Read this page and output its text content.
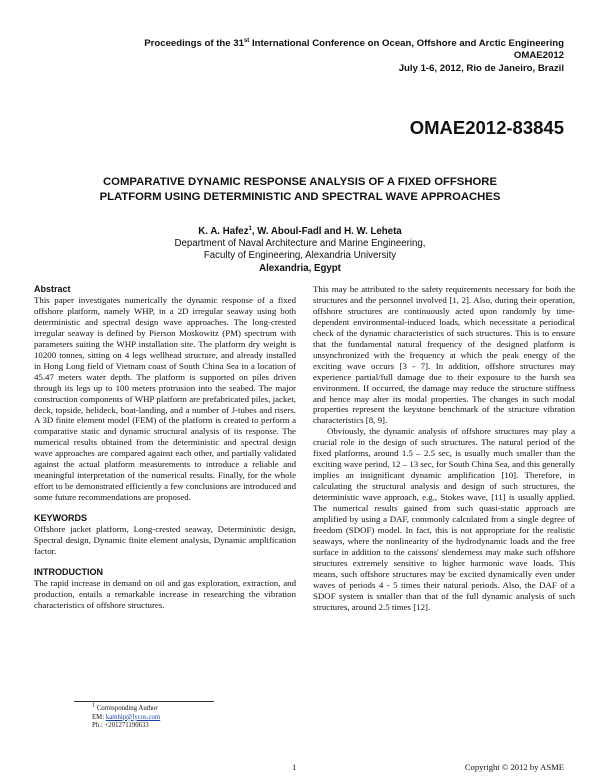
Proceedings of the 31st International Conference on Ocean, Offshore and Arctic Engineering
OMAE2012
July 1-6, 2012, Rio de Janeiro, Brazil
OMAE2012-83845
COMPARATIVE DYNAMIC RESPONSE ANALYSIS OF A FIXED OFFSHORE
PLATFORM USING DETERMINISTIC AND SPECTRAL WAVE APPROACHES
K. A. Hafez$^1$, W. Aboul-Fadl and H. W. Leheta
Department of Naval Architecture and Marine Engineering,
Faculty of Engineering, Alexandria University
Alexandria, Egypt
Abstract

This paper investigates numerically the dynamic response of a fixed offshore platform, namely WHP, in a 2D irregular seaway using both deterministic and spectral design wave approaches. The long-crested irregular seaway is defined by Pierson Moskowitz (PM) spectrum with parameters suiting the WHP installation site. The platform dry weight is 10200 tonnes, sitting on 4 legs wellhead structure, and already installed in Hong Long field of Vietnam coast of South China Sea in a location of 45.47 meters water depth. The platform is supported on piles driven through its legs up to 100 meters protrusion into the seabed. The major construction components of WHP platform are prefabricated piles, jacket, deck, topside, helideck, boat-landing, and a number of J-tubes and risers. A 3D finite element model (FEM) of the platform is created to perform a comparative static and dynamic structural analysis of its response. The numerical results obtained from the deterministic and spectral design wave approaches are compared against each other, and partially validated against the actual platform measurements to introduce a reliable and meaningful interpretation of the numerical results. Finally, for the whole effort to be demonstrated efficiently a few conclusions are introduced and some future recommendations are proposed.

KEYWORDS

Offshore jacket platform, Long-crested seaway, Deterministic design, Spectral design, Dynamic finite element analysis, Dynamic amplification factor.

INTRODUCTION

The rapid increase in demand on oil and gas exploration, extraction, and production, entails a remarkable increase in researching the vibration characteristics of offshore structures.

This may be attributed to the safety requirements necessary for both the structures and the personnel involved [1, 2]. Also, during their operation, offshore structures are continuously acted upon randomly by time-dependent environmental-induced loads, which necessitate a periodical check of the dynamic characteristics of such structures. This is to ensure that the fundamental natural frequency of the designed platform is unsynchronized with the frequency at which the peak energy of the exciting wave occurs [3 - 7]. In addition, offshore structures may experience partial/full damage due to their exposure to the harsh sea environment. If occurred, the damage may reduce the structure stiffness and hence may alter its modal properties. The changes in such modal properties represent the keystone benchmark of the structure vibration characteristics [8, 9].

Obviously, the dynamic analysis of offshore structures may play a crucial role in the design of such structures. The natural period of the fixed platforms, around 1.5 – 2.5 sec, is usually much smaller than the exciting wave period, 12 – 13 sec, for South China Sea, and this generally implies an insignificant dynamic amplification [10]. Therefore, in calculating the structural analysis and design of such structures, the deterministic wave approach, e.g., Stokes wave, [11] is usually applied. The numerical results gained from such quasi-static approach are amplified by using a DAF, commonly calculated from a single degree of freedom (SDOF) model. In fact, this is not appropriate for the realistic seaways, where the nonlinearity of the hydrodynamic loads and the free surface in addition to the caissons' slenderness may make such offshore structures extremely sensitive to higher harmonic wave loads. This means, such offshore structures may be excited dynamically even under waves of periods 4 - 5 times their natural periods. Also, the DAF of a SDOF system is smaller than that of the full dynamic analysis of such structures, around 2.5 times [12].

$^1$ Corresponding Author
EM: kamhip@lycos.com
Ph.: +201271190633
1	Copyright © 2012 by ASME
